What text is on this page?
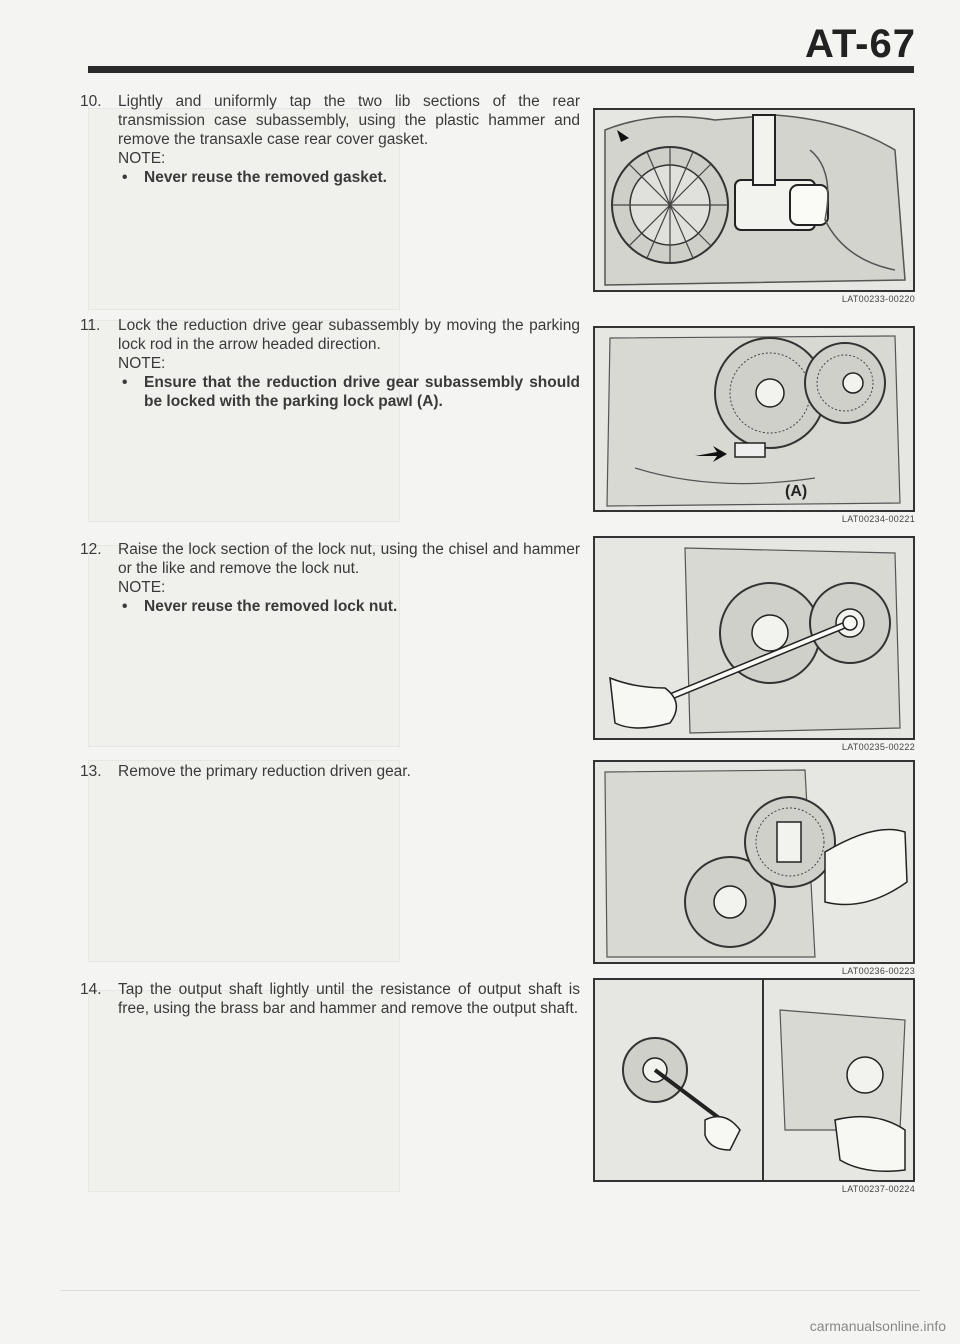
AT-67
10.	Lightly and uniformly tap the two lib sections of the rear transmission case subassembly, using the plastic hammer and remove the transaxle case rear cover gasket.
NOTE:
• Never reuse the removed gasket.
LAT00233-00220
11.	Lock the reduction drive gear subassembly by moving the parking lock rod in the arrow headed direction.
NOTE:
• Ensure that the reduction drive gear subassembly should be locked with the parking lock pawl (A).
(A)
LAT00234-00221
12.	Raise the lock section of the lock nut, using the chisel and hammer or the like and remove the lock nut.
NOTE:
• Never reuse the removed lock nut.
LAT00235-00222
13.	Remove the primary reduction driven gear.
LAT00236-00223
14.	Tap the output shaft lightly until the resistance of output shaft is free, using the brass bar and hammer and remove the output shaft.
LAT00237-00224
carmanualsonline.info
